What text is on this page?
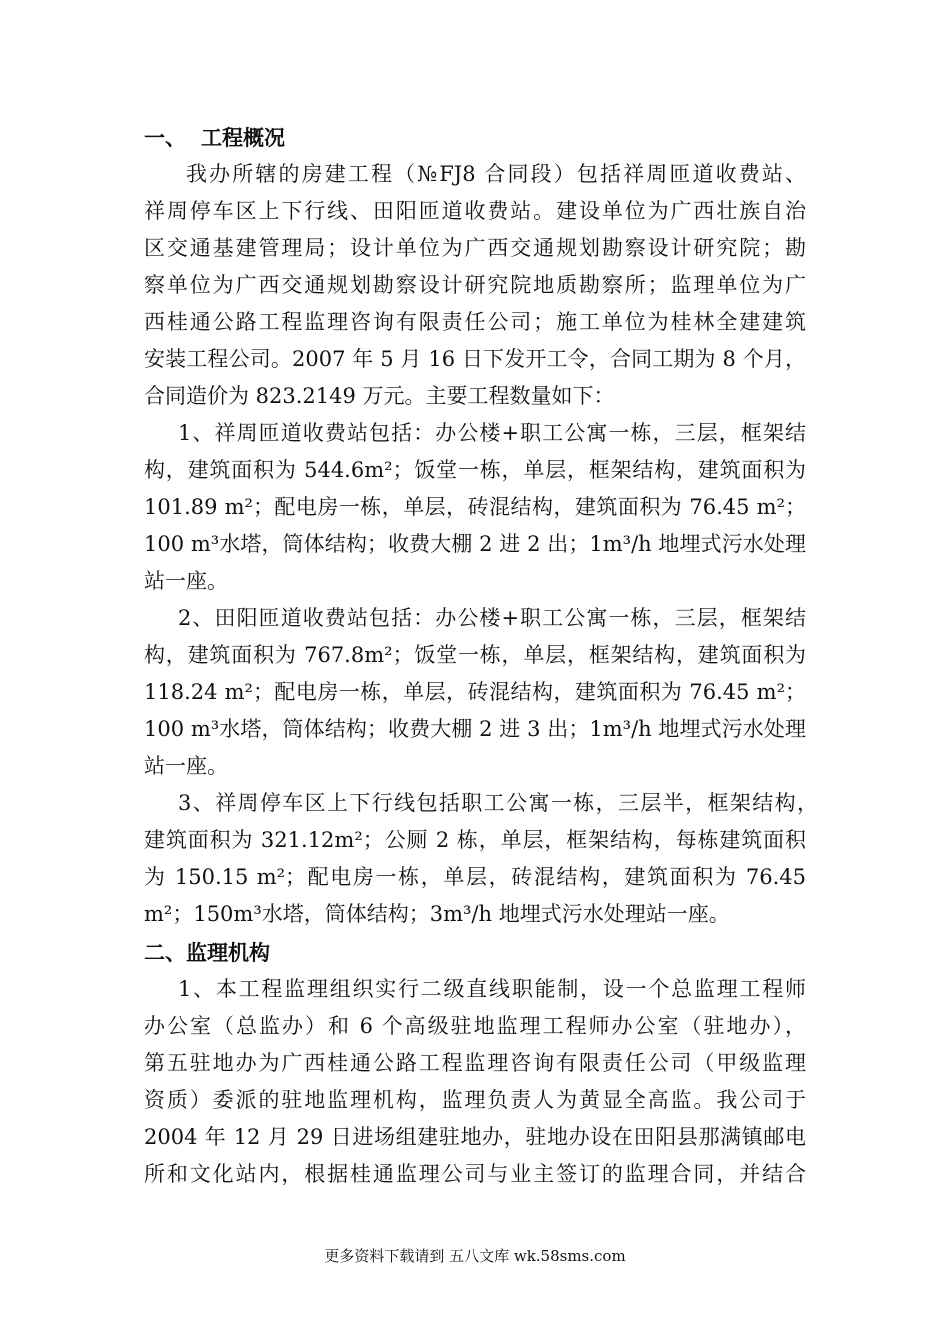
一、 工程概况
我办所辖的房建工程（№FJ8 合同段）包括祥周匝道收费站、
祥周停车区上下行线、田阳匝道收费站。建设单位为广西壮族自治
区交通基建管理局；设计单位为广西交通规划勘察设计研究院；勘
察单位为广西交通规划勘察设计研究院地质勘察所；监理单位为广
西桂通公路工程监理咨询有限责任公司；施工单位为桂林全建建筑
安装工程公司。2007 年 5 月 16 日下发开工令，合同工期为 8 个月，
合同造价为 823.2149 万元。主要工程数量如下：
1、祥周匝道收费站包括：办公楼+职工公寓一栋，三层，框架结
构，建筑面积为 544.6m²；饭堂一栋，单层，框架结构，建筑面积为
101.89 m²；配电房一栋，单层，砖混结构，建筑面积为 76.45 m²；
100 m³水塔，筒体结构；收费大棚 2 进 2 出；1m³/h 地埋式污水处理
站一座。
2、田阳匝道收费站包括：办公楼+职工公寓一栋，三层，框架结
构，建筑面积为 767.8m²；饭堂一栋，单层，框架结构，建筑面积为
118.24 m²；配电房一栋，单层，砖混结构，建筑面积为 76.45 m²；
100 m³水塔，筒体结构；收费大棚 2 进 3 出；1m³/h 地埋式污水处理
站一座。
3、祥周停车区上下行线包括职工公寓一栋，三层半，框架结构，
建筑面积为 321.12m²；公厕 2 栋，单层，框架结构，每栋建筑面积
为 150.15 m²；配电房一栋，单层，砖混结构，建筑面积为 76.45
m²；150m³水塔，筒体结构；3m³/h 地埋式污水处理站一座。
二、监理机构
1、本工程监理组织实行二级直线职能制，设一个总监理工程师
办公室（总监办）和 6 个高级驻地监理工程师办公室（驻地办），
第五驻地办为广西桂通公路工程监理咨询有限责任公司（甲级监理
资质）委派的驻地监理机构，监理负责人为黄显全高监。我公司于
2004 年 12 月 29 日进场组建驻地办，驻地办设在田阳县那满镇邮电
所和文化站内，根据桂通监理公司与业主签订的监理合同，并结合
更多资料下载请到 五八文库 wk.58sms.com
